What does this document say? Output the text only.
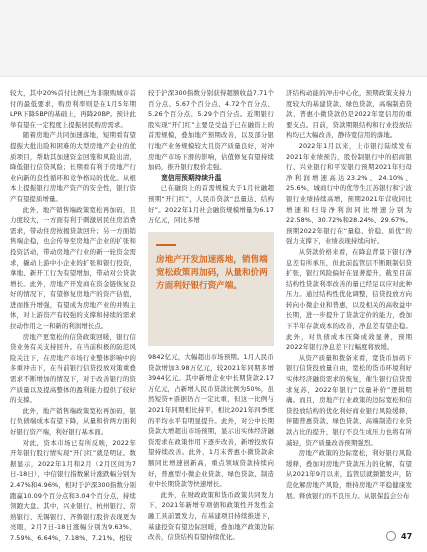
较大，其中20%首付比例已为非限购城市首付的最低要求，购房利率则是在1月5年期LPR下降5BP的基础上，再降20BP。预计此举有望在一定程度上提振居民购房需求。

随着房地产共同加速落地，短期看有望提振大批出险和困难的大型房地产企业的优质项目，帮助其加速资金回笼和风险出清，降低银行信贷风险；长期看有利于房地产行业向新的良性循环和竞争格局的优化。从根本上提振银行房地产资产的安全性，银行资产有望提质增量。

此外，地产销售端政策宽松再加码，且力度较大，一方面有利于刺激居民住房消费需求，带动住房按揭贷款回升；另一方面销售端企稳，也会传导至房地产企业的扩张和投资活动，带动房地产行业的新一轮资金需求，撬动上游中小企业的扩张和银行投资，拿地、新开工行为有望增加，带动对公贷款增长。此外，房地产开发商在资金链恢复良好的情况下，有望修复房地产的资产估值，进而推升增强，有望成为房地产业的并购主体，对上游资产有较强的支撑和持续的需求拉动作用之一和新的利润增长点。

房地产更宽松的信贷政策回暖，银行信贷业务有关支持回升。在当前积极的防范风险关注下，在房地产市场行业整体影响中的多重冲击下，在当前银行信贷投放对策重叠需求不断增加的情况下，对于改善银行的资产质量以及提高整体的盈利能力提供了较好的支撑。

此外，地产销售端政策宽松再加码，银行负债端成本有望下降，从量和价两方面利好银行资产端，利好银行基本面。

对此，资本市场已有所反映，2022年开年银行股行情实现“开门红”就是明证。数据显示，2022年1月和2月（2月区间为7日-18日），中信银行指数累计涨跌幅分别为2.47%和4.96%，相对于沪深300指数分别跑赢10.09个百分点和3.04个百分点，持续领跑大盘。其中，兴业银行、杭州银行、常熟银行、无锡银行、齐鲁银行股价表现更为亮眼，2月7日-18日涨幅分别为9.63%、7.59%、6.64%、7.18%、7.21%。相较

较于沪深300指数分别获得超额收益7.71个百分点、5.67个百分点、4.72个百分点、5.26个百分点、5.29个百分点。近期银行股实现“开门红”主要是受益于已在融资上的首需规模，叠加地产预期改善，以及部分银行地产业务规模较大且资产质量良好，对冲房地产市场下滑的影响，估值修复有望持续加码，推升银行股价走强。

宽信用预期持续升温

已在融资上的首需规模大于1月社融超预期“开门红”，人民币贷款“总量达、结构好”。2022年1月社会融资规模增量为6.17万亿元，同比多增

房地产开发加速落地，销售端宽松政策再加码，从量和价两方面利好银行资产端。

9842亿元，大幅超出市场预期。1月人民币贷款增加3.98万亿元，较2021年同期多增3944亿元。其中新增企业中长期贷款2.17万亿元，占新增人民币贷款比例为50%，虽然短贷+票据仍占一定比重，但这一比例与2021年同期相比持平，相比2021年四季度的平均水平有明显提升。此外，对公中长期贷款大增超出市场预期，显示出实体经济融资需求在政策作用下逐步改善，新增投放有望持续改善。此外，1月末普惠小微贷款余额同比增速创新高，重点领域贷款持续向好，普惠型小微企业贷款、绿色贷款、制造业中长期贷款等快速增长。

此外，在财政政策和货币政策共同发力下，2021年新增专项债和政策性开发性金融工具前置发力，在基建项目持续推进下，基建投资有望边际回暖，叠加地产政策边际改善，信贷结构有望持续优化。

济结构动能的冲击中心化，预期政策支持力度较大的基建贷款、绿色贷款、高端制造贷款、普惠小微贷款仍是2022年宽信用的重要支点。目前，贷款期限结构和行业投放结构均已大幅改善，静待宽信用的落地。

2022年1月以来，上市银行陆续发布2021年业绩预告，股份制银行中的招商银行、兴业银行和平安银行预期2021年归母净利润增速高达23.2%、24.10%、25.6%，城商行中的优等生江苏银行和宁波银行业绩持续高增，预期2021年营收同比增速和归母净利润同比增速分别为22.58%、30.72%和28.24%、29.67%。预期2022年银行在“量稳、价稳、质优”的强力支撑下，业绩表现持续向好。

从贷款价格来看，在降息背景下银行净息差有所承压，但此前监管层不断限制信贷扩张，银行风险偏好在显著提升，截至目前结构性贷款利率改善的量已经足以应对此种压力。通过结构性优化调整，信贷投放方向转向小微企业和普惠，以及相关的高收益中长期，进一步提升了贷款定价的能力，叠加下半年存款成本的改善，净息差有望企稳。此外，对负债成本压降成效显著，预期2022年银行净息差下行幅度将放缓。

从资产质量和拨备来看，宽货币加码下银行信贷投放量自由，宽松的货币环境利好实体经济融资需求的恢复，催生银行信贷需求复苏，2022年银行“以量补价”逻辑明确。而且，房地产行业政策的边际宽松和信贷投放结构的优化利好商业银行风险缓释，伴随普惠贷款、绿色贷款、高端制造行业贷款占比的提升，银行不良生成压力也将有所减轻，资产质量改善预期强烈。

房地产政策的边际宽松，利好银行风险缓释，叠加对房地产贷款压力的化解，有望从2021年9月以来，监管层就频繁发声，防范化解房地产风险，维持房地产平稳健康发展。释放银行的不良压力。从银保监会公布

47
